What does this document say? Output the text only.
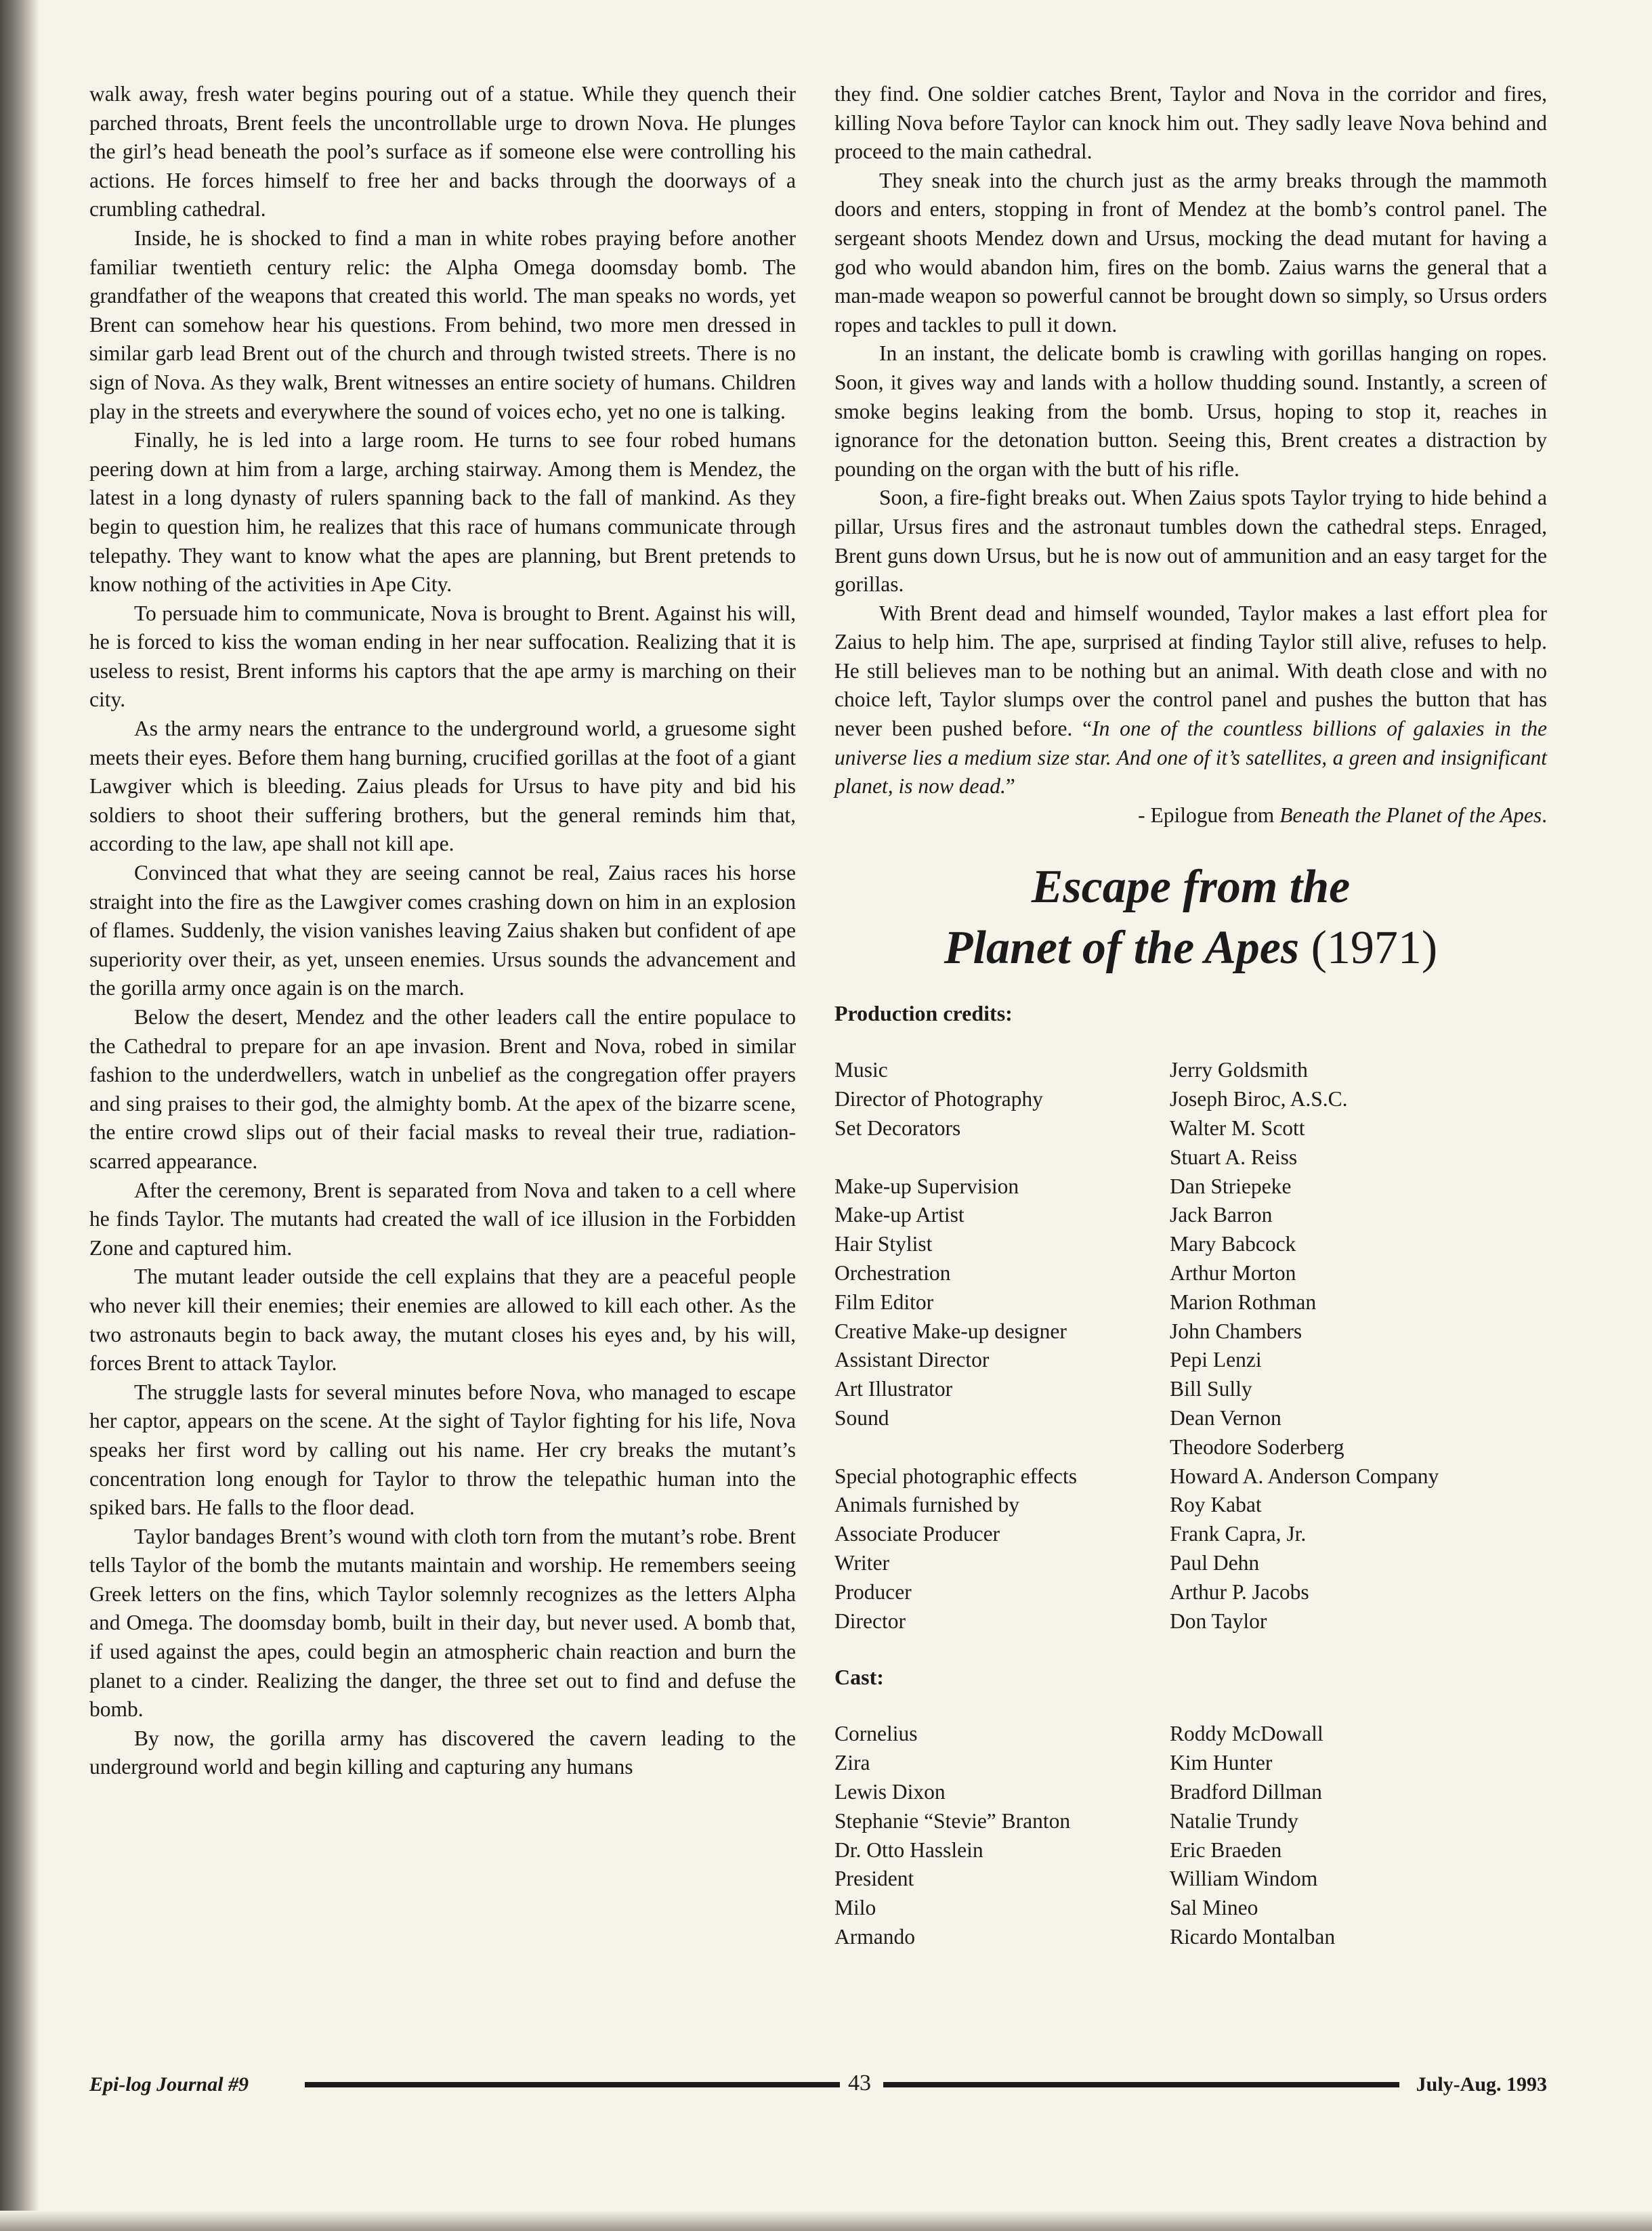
walk away, fresh water begins pouring out of a statue. While they quench their parched throats, Brent feels the uncontrollable urge to drown Nova. He plunges the girl’s head beneath the pool’s surface as if someone else were controlling his actions. He forces himself to free her and backs through the doorways of a crumbling cathedral.

Inside, he is shocked to find a man in white robes praying before another familiar twentieth century relic: the Alpha Omega doomsday bomb. The grandfather of the weapons that created this world. The man speaks no words, yet Brent can somehow hear his questions. From behind, two more men dressed in similar garb lead Brent out of the church and through twisted streets. There is no sign of Nova. As they walk, Brent witnesses an entire society of humans. Children play in the streets and everywhere the sound of voices echo, yet no one is talking.

Finally, he is led into a large room. He turns to see four robed humans peering down at him from a large, arching stairway. Among them is Mendez, the latest in a long dynasty of rulers spanning back to the fall of mankind. As they begin to question him, he realizes that this race of humans communicate through telepathy. They want to know what the apes are planning, but Brent pretends to know nothing of the activities in Ape City.

To persuade him to communicate, Nova is brought to Brent. Against his will, he is forced to kiss the woman ending in her near suffocation. Realizing that it is useless to resist, Brent informs his captors that the ape army is marching on their city.

As the army nears the entrance to the underground world, a gruesome sight meets their eyes. Before them hang burning, crucified gorillas at the foot of a giant Lawgiver which is bleeding. Zaius pleads for Ursus to have pity and bid his soldiers to shoot their suffering brothers, but the general reminds him that, according to the law, ape shall not kill ape.

Convinced that what they are seeing cannot be real, Zaius races his horse straight into the fire as the Lawgiver comes crashing down on him in an explosion of flames. Suddenly, the vision vanishes leaving Zaius shaken but confident of ape superiority over their, as yet, unseen enemies. Ursus sounds the advancement and the gorilla army once again is on the march.

Below the desert, Mendez and the other leaders call the entire populace to the Cathedral to prepare for an ape invasion. Brent and Nova, robed in similar fashion to the underdwellers, watch in unbelief as the congregation offer prayers and sing praises to their god, the almighty bomb. At the apex of the bizarre scene, the entire crowd slips out of their facial masks to reveal their true, radiation-scarred appearance.

After the ceremony, Brent is separated from Nova and taken to a cell where he finds Taylor. The mutants had created the wall of ice illusion in the Forbidden Zone and captured him.

The mutant leader outside the cell explains that they are a peaceful people who never kill their enemies; their enemies are allowed to kill each other. As the two astronauts begin to back away, the mutant closes his eyes and, by his will, forces Brent to attack Taylor.

The struggle lasts for several minutes before Nova, who managed to escape her captor, appears on the scene. At the sight of Taylor fighting for his life, Nova speaks her first word by calling out his name. Her cry breaks the mutant’s concentration long enough for Taylor to throw the telepathic human into the spiked bars. He falls to the floor dead.

Taylor bandages Brent’s wound with cloth torn from the mutant’s robe. Brent tells Taylor of the bomb the mutants maintain and worship. He remembers seeing Greek letters on the fins, which Taylor solemnly recognizes as the letters Alpha and Omega. The doomsday bomb, built in their day, but never used. A bomb that, if used against the apes, could begin an atmospheric chain reaction and burn the planet to a cinder. Realizing the danger, the three set out to find and defuse the bomb.

By now, the gorilla army has discovered the cavern leading to the underground world and begin killing and capturing any humans

they find. One soldier catches Brent, Taylor and Nova in the corridor and fires, killing Nova before Taylor can knock him out. They sadly leave Nova behind and proceed to the main cathedral.

They sneak into the church just as the army breaks through the mammoth doors and enters, stopping in front of Mendez at the bomb’s control panel. The sergeant shoots Mendez down and Ursus, mocking the dead mutant for having a god who would abandon him, fires on the bomb. Zaius warns the general that a man-made weapon so powerful cannot be brought down so simply, so Ursus orders ropes and tackles to pull it down.

In an instant, the delicate bomb is crawling with gorillas hanging on ropes. Soon, it gives way and lands with a hollow thudding sound. Instantly, a screen of smoke begins leaking from the bomb. Ursus, hoping to stop it, reaches in ignorance for the detonation button. Seeing this, Brent creates a distraction by pounding on the organ with the butt of his rifle.

Soon, a fire-fight breaks out. When Zaius spots Taylor trying to hide behind a pillar, Ursus fires and the astronaut tumbles down the cathedral steps. Enraged, Brent guns down Ursus, but he is now out of ammunition and an easy target for the gorillas.

With Brent dead and himself wounded, Taylor makes a last effort plea for Zaius to help him. The ape, surprised at finding Taylor still alive, refuses to help. He still believes man to be nothing but an animal. With death close and with no choice left, Taylor slumps over the control panel and pushes the button that has never been pushed before. “In one of the countless billions of galaxies in the universe lies a medium size star. And one of it’s satellites, a green and insignificant planet, is now dead.”

- Epilogue from Beneath the Planet of the Apes.

Escape from the
Planet of the Apes (1971)

Production credits:

Music	Jerry Goldsmith
Director of Photography	Joseph Biroc, A.S.C.
Set Decorators	Walter M. Scott
Stuart A. Reiss
Make-up Supervision	Dan Striepeke
Make-up Artist	Jack Barron
Hair Stylist	Mary Babcock
Orchestration	Arthur Morton
Film Editor	Marion Rothman
Creative Make-up designer	John Chambers
Assistant Director	Pepi Lenzi
Art Illustrator	Bill Sully
Sound	Dean Vernon
Theodore Soderberg
Special photographic effects	Howard A. Anderson Company
Animals furnished by	Roy Kabat
Associate Producer	Frank Capra, Jr.
Writer	Paul Dehn
Producer	Arthur P. Jacobs
Director	Don Taylor

Cast:

Cornelius	Roddy McDowall
Zira	Kim Hunter
Lewis Dixon	Bradford Dillman
Stephanie “Stevie” Branton	Natalie Trundy
Dr. Otto Hasslein	Eric Braeden
President	William Windom
Milo	Sal Mineo
Armando	Ricardo Montalban
Epi-log Journal #9	43	July-Aug. 1993
